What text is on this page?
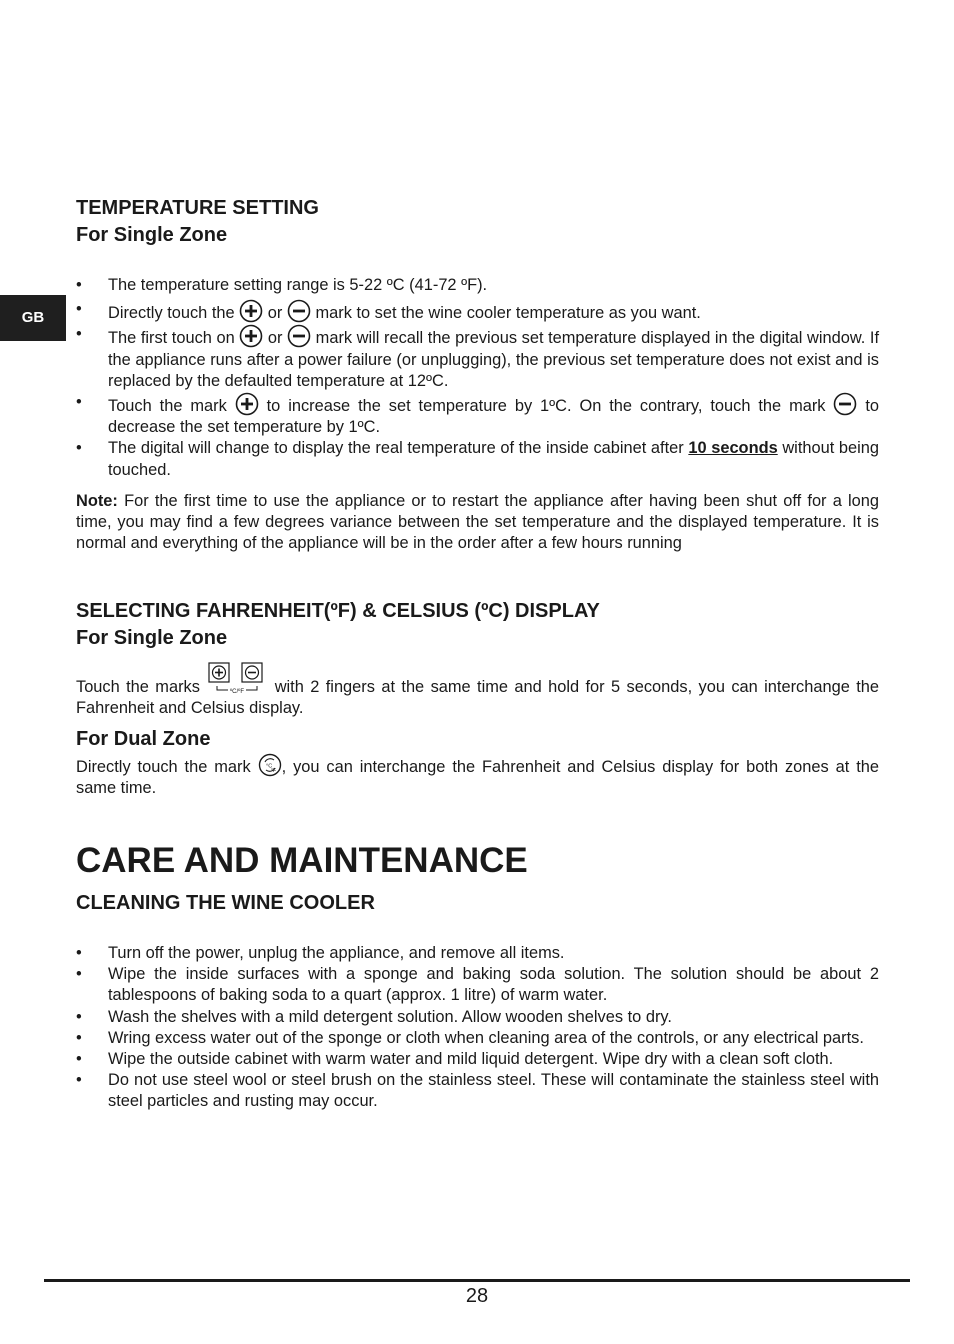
GB

TEMPERATURE SETTING

For Single Zone

• The temperature setting range is 5-22 ºC (41-72 ºF).
• Directly touch the or mark to set the wine cooler temperature as you want.
• The first touch on or mark will recall the previous set temperature displayed in the digital window. If the appliance runs after a power failure (or unplugging), the previous set temperature does not exist and is replaced by the defaulted temperature at 12ºC.
• Touch the mark to increase the set temperature by 1ºC. On the contrary, touch the mark to decrease the set temperature by 1ºC.
• The digital will change to display the real temperature of the inside cabinet after 10 seconds without being touched.

Note: For the first time to use the appliance or to restart the appliance after having been shut off for a long time, you may find a few degrees variance between the set temperature and the displayed temperature. It is normal and everything of the appliance will be in the order after a few hours running

SELECTING FAHRENHEIT(ºF) & CELSIUS (ºC) DISPLAY

For Single Zone

Touch the marks	ºC/ºF with 2 fingers at the same time and hold for 5 seconds, you can interchange the Fahrenheit and Celsius display.

For Dual Zone

Directly touch the mark	°C
°F , you can interchange the Fahrenheit and Celsius display for both zones at the same time.

CARE AND MAINTENANCE

CLEANING THE WINE COOLER

• Turn off the power, unplug the appliance, and remove all items.
• Wipe the inside surfaces with a sponge and baking soda solution. The solution should be about 2 tablespoons of baking soda to a quart (approx. 1 litre) of warm water.
• Wash the shelves with a mild detergent solution. Allow wooden shelves to dry.
• Wring excess water out of the sponge or cloth when cleaning area of the controls, or any electrical parts.
• Wipe the outside cabinet with warm water and mild liquid detergent. Wipe dry with a clean soft cloth.
• Do not use steel wool or steel brush on the stainless steel. These will contaminate the stainless steel with steel particles and rusting may occur.
28
